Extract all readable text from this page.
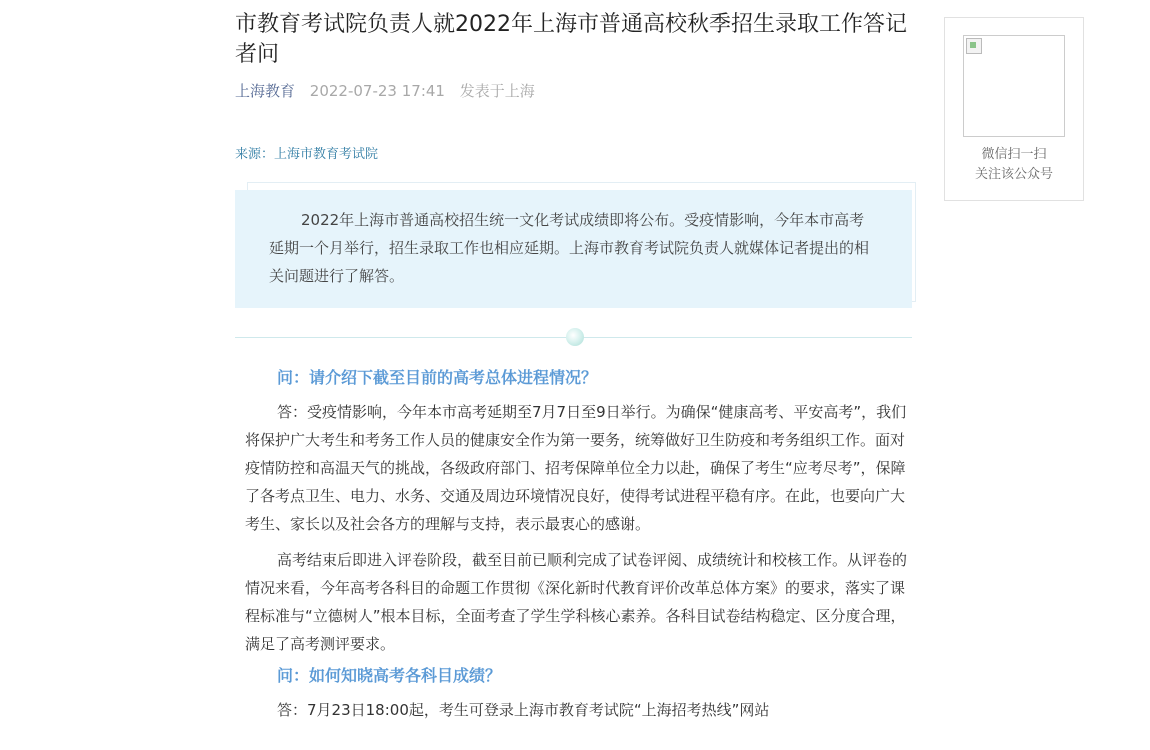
市教育考试院负责人就2022年上海市普通高校秋季招生录取工作答记者问
上海教育 2022-07-23 17:41 发表于上海
来源：上海市教育考试院
2022年上海市普通高校招生统一文化考试成绩即将公布。受疫情影响，今年本市高考延期一个月举行，招生录取工作也相应延期。上海市教育考试院负责人就媒体记者提出的相关问题进行了解答。
问：请介绍下截至目前的高考总体进程情况？
答：受疫情影响，今年本市高考延期至7月7日至9日举行。为确保“健康高考、平安高考”，我们将保护广大考生和考务工作人员的健康安全作为第一要务，统筹做好卫生防疫和考务组织工作。面对疫情防控和高温天气的挑战，各级政府部门、招考保障单位全力以赴，确保了考生“应考尽考”，保障了各考点卫生、电力、水务、交通及周边环境情况良好，使得考试进程平稳有序。在此，也要向广大考生、家长以及社会各方的理解与支持，表示最衷心的感谢。
高考结束后即进入评卷阶段，截至目前已顺利完成了试卷评阅、成绩统计和校核工作。从评卷的情况来看，今年高考各科目的命题工作贯彻《深化新时代教育评价改革总体方案》的要求，落实了课程标准与“立德树人”根本目标，全面考查了学生学科核心素养。各科目试卷结构稳定、区分度合理，满足了高考测评要求。
问：如何知晓高考各科目成绩？
答：7月23日18:00起，考生可登录上海市教育考试院“上海招考热线”网站
微信扫一扫
关注该公众号
